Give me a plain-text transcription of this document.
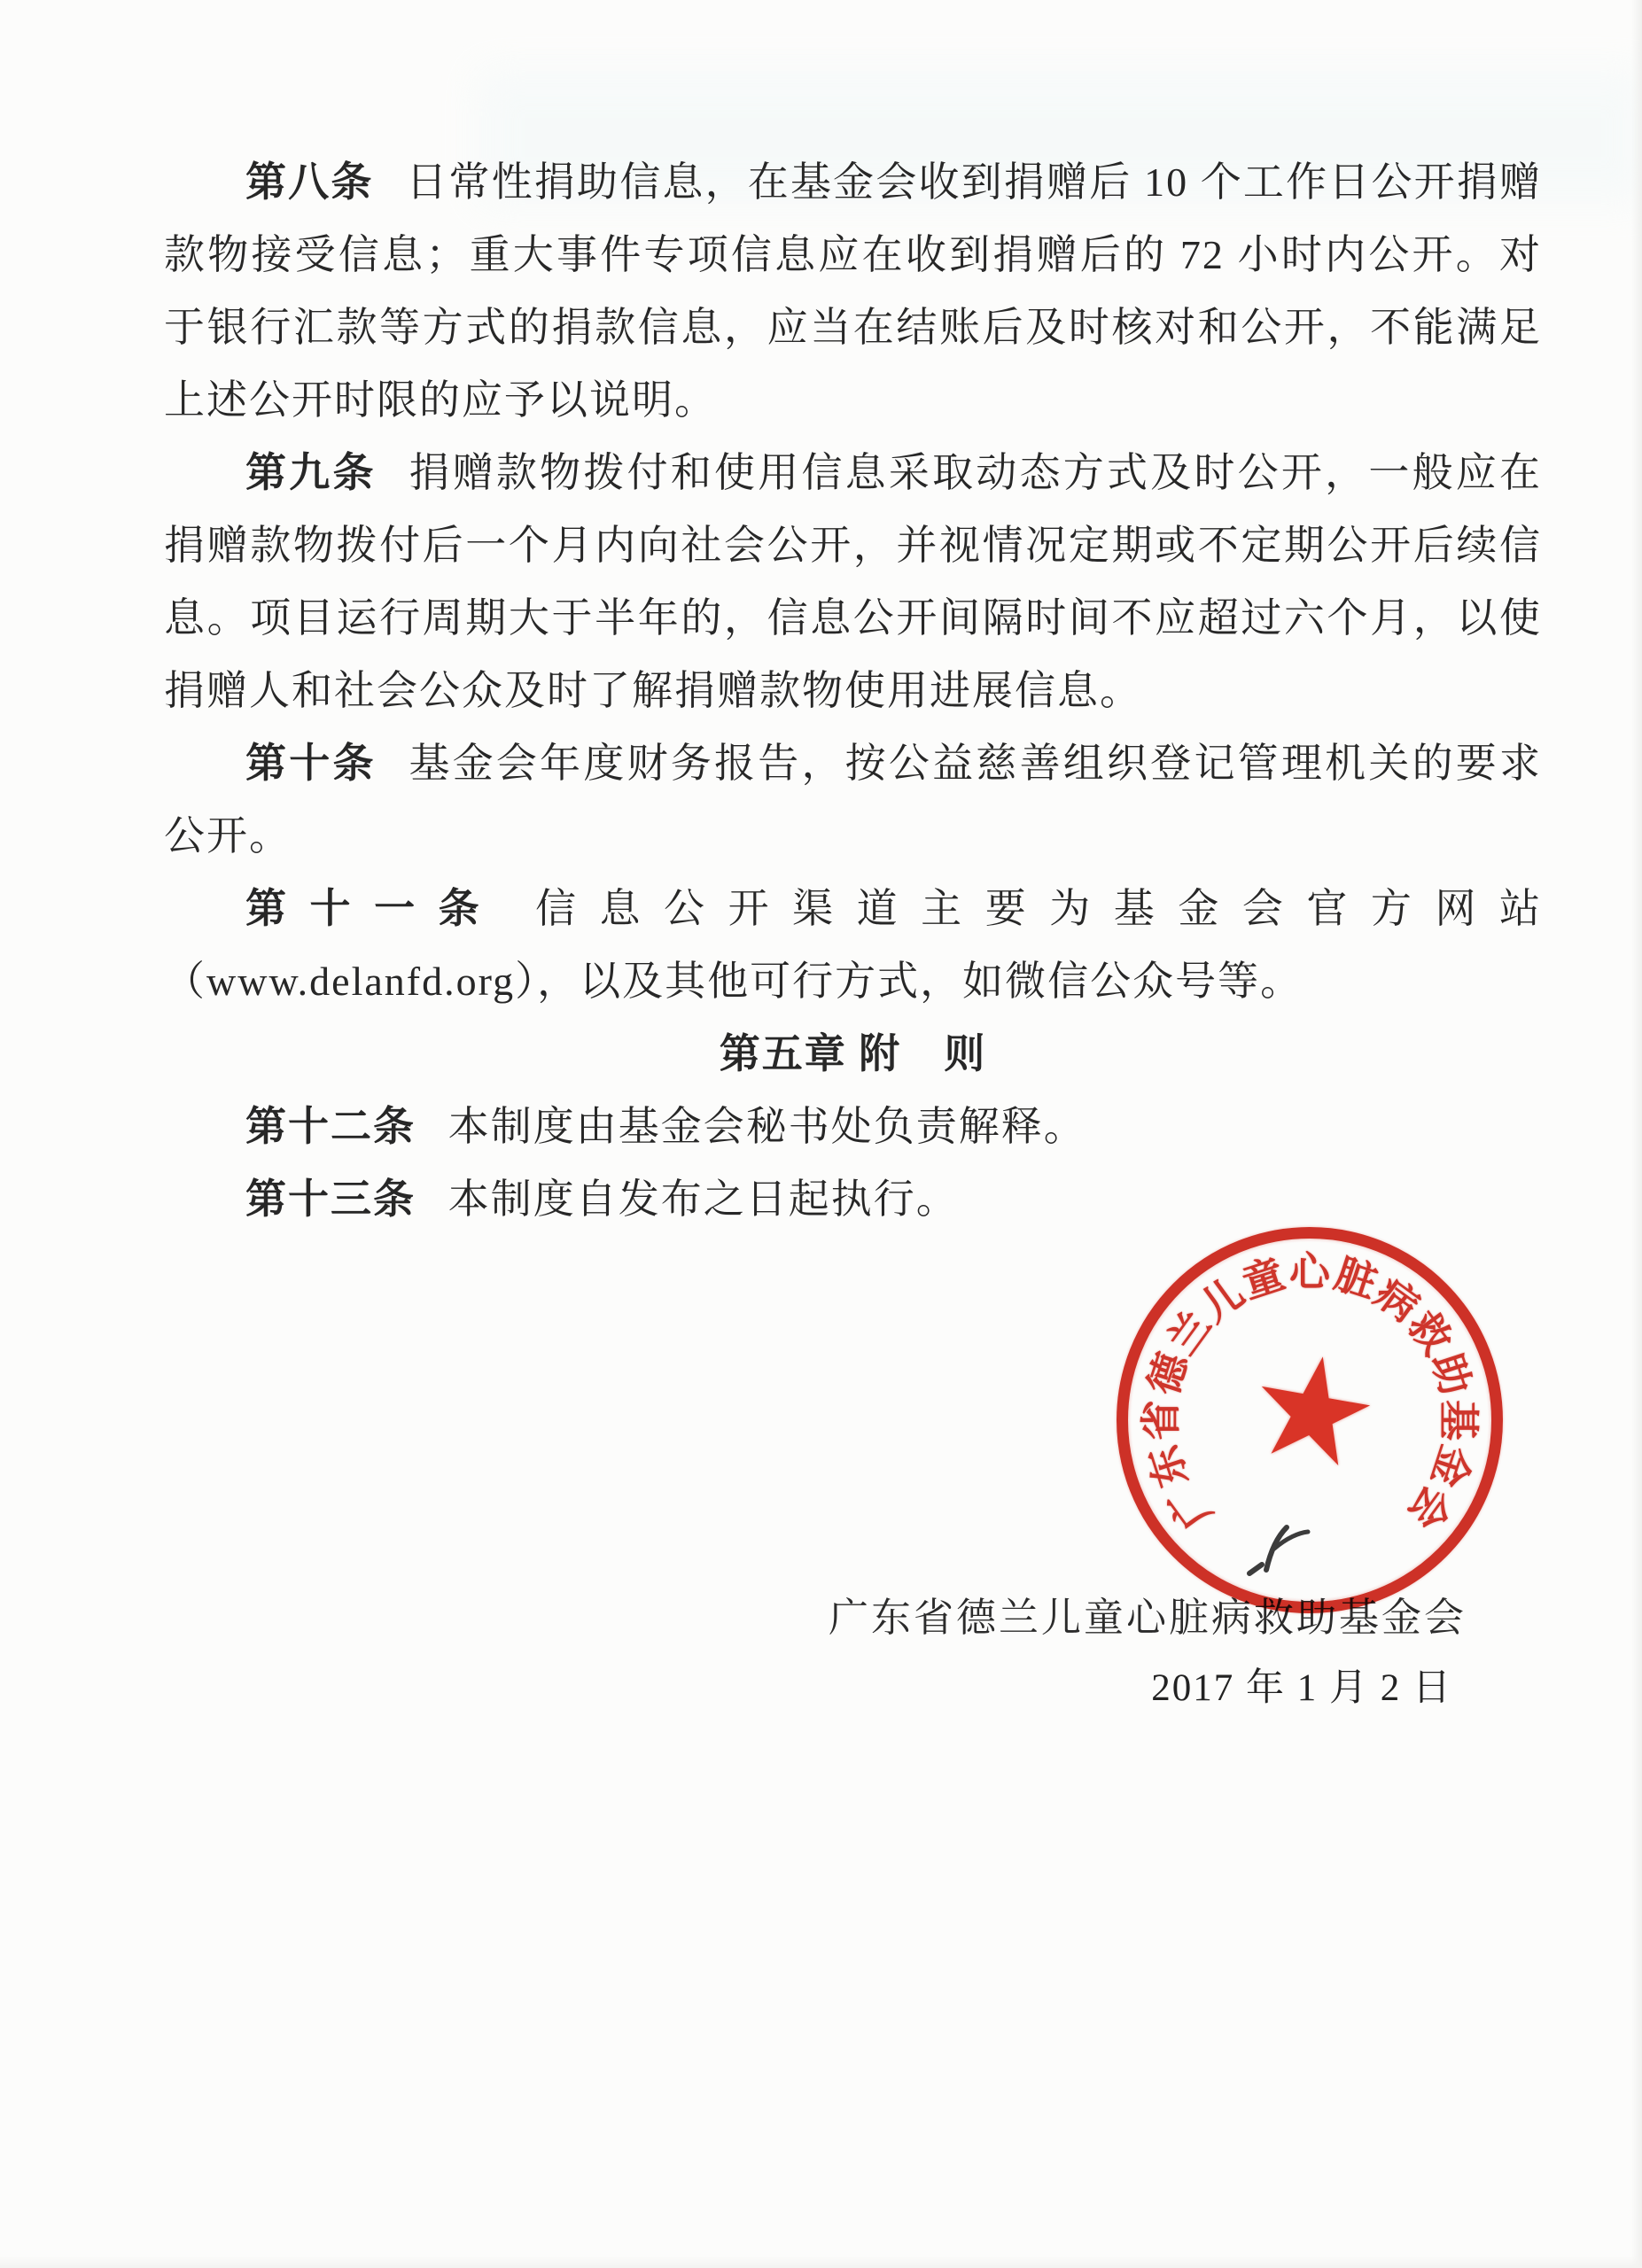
第八条 日常性捐助信息，在基金会收到捐赠后 10 个工作日公开捐赠款物接受信息；重大事件专项信息应在收到捐赠后的 72 小时内公开。对于银行汇款等方式的捐款信息，应当在结账后及时核对和公开，不能满足上述公开时限的应予以说明。

第九条 捐赠款物拨付和使用信息采取动态方式及时公开，一般应在捐赠款物拨付后一个月内向社会公开，并视情况定期或不定期公开后续信息。项目运行周期大于半年的，信息公开间隔时间不应超过六个月，以使捐赠人和社会公众及时了解捐赠款物使用进展信息。

第十条 基金会年度财务报告，按公益慈善组织登记管理机关的要求公开。

第十一条 信息公开渠道主要为基金会官方网站（www.delanfd.org），以及其他可行方式，如微信公众号等。

第五章 附　则

第十二条 本制度由基金会秘书处负责解释。

第十三条 本制度自发布之日起执行。

广东省德兰儿童心脏病救助基金会
2017 年 1 月 2 日
★
广
东
省
德
兰
儿
童 心
脏
病
救
助
基
金
会
